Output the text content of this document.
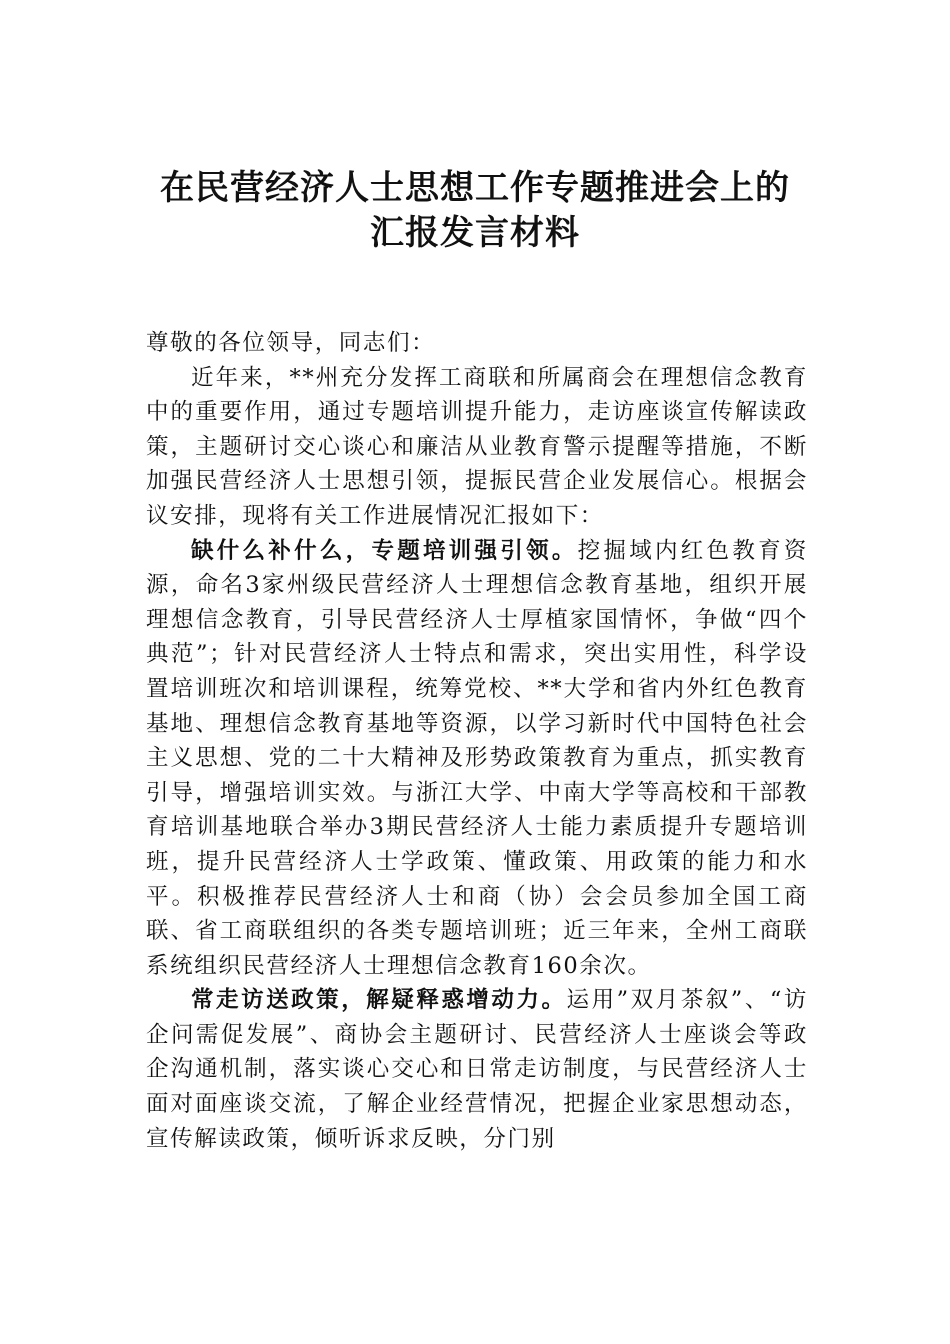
在民营经济人士思想工作专题推进会上的
汇报发言材料

尊敬的各位领导，同志们：

近年来，**州充分发挥工商联和所属商会在理想信念教育中的重要作用，通过专题培训提升能力，走访座谈宣传解读政策，主题研讨交心谈心和廉洁从业教育警示提醒等措施，不断加强民营经济人士思想引领，提振民营企业发展信心。根据会议安排，现将有关工作进展情况汇报如下：

缺什么补什么，专题培训强引领。挖掘域内红色教育资源，命名3家州级民营经济人士理想信念教育基地，组织开展理想信念教育，引导民营经济人士厚植家国情怀，争做“四个典范”；针对民营经济人士特点和需求，突出实用性，科学设置培训班次和培训课程，统筹党校、**大学和省内外红色教育基地、理想信念教育基地等资源，以学习新时代中国特色社会主义思想、党的二十大精神及形势政策教育为重点，抓实教育引导，增强培训实效。与浙江大学、中南大学等高校和干部教育培训基地联合举办3期民营经济人士能力素质提升专题培训班，提升民营经济人士学政策、懂政策、用政策的能力和水平。积极推荐民营经济人士和商（协）会会员参加全国工商联、省工商联组织的各类专题培训班；近三年来，全州工商联系统组织民营经济人士理想信念教育160余次。

常走访送政策，解疑释惑增动力。运用”双月茶叙”、“访企问需促发展”、商协会主题研讨、民营经济人士座谈会等政企沟通机制，落实谈心交心和日常走访制度，与民营经济人士面对面座谈交流，了解企业经营情况，把握企业家思想动态，宣传解读政策，倾听诉求反映，分门别
